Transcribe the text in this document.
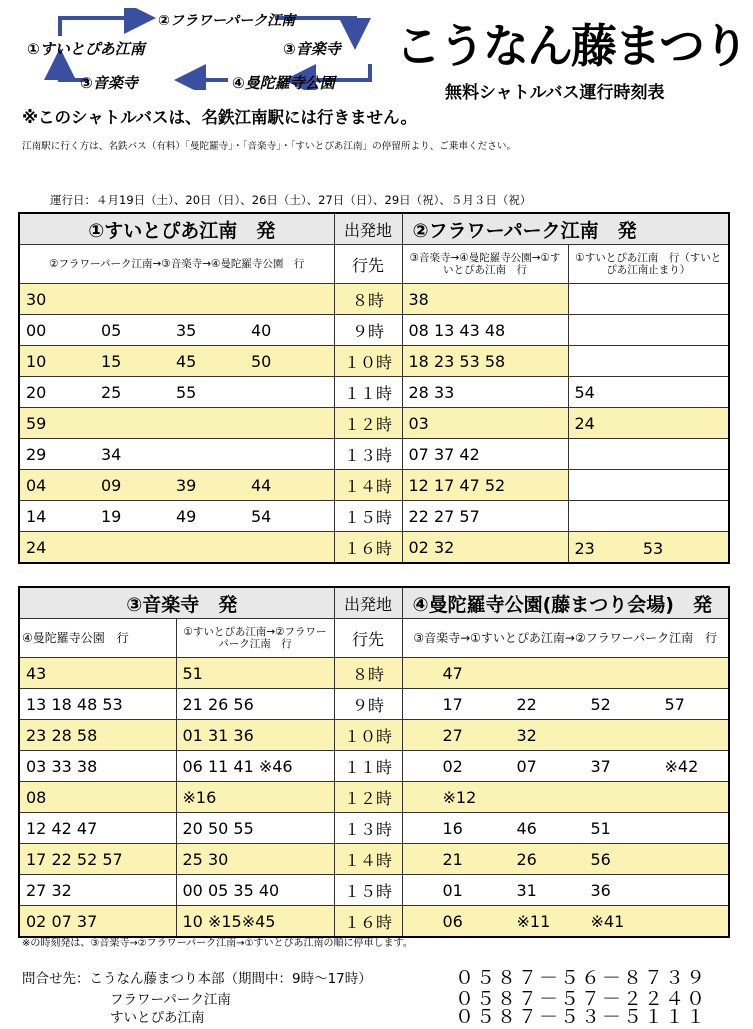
①すいとぴあ江南
②フラワーパーク江南
③音楽寺
③音楽寺	④曼陀羅寺公園
こうなん藤まつり
無料シャトルバス運行時刻表
※このシャトルバスは、名鉄江南駅には行きません。
江南駅に行く方は、名鉄バス（有料）「曼陀羅寺」・「音楽寺」・「すいとぴあ江南」の停留所より、ご乗車ください。
運行日：４月19日（土）、20日（日）、26日（土）、27日（日）、29日（祝）、５月３日（祝）
①すいとぴあ江南　発	出発地	②フラワーパーク江南　発	
②フラワーパーク江南→③音楽寺→④曼陀羅寺公園　行	行先	③音楽寺→④曼陀羅寺公園→①すいとぴあ江南　行	①すいとぴあ江南　行（すいとぴあ江南止まり）
30	８時	38	
00 05 35 40	９時	08 13 43 48	
10 15 45 50	１０時	18 23 53 58	
20 25 55	１１時	28 33	54
59	１２時	03	24
29 34	１３時	07 37 42	
04 09 39 44	１４時	12 17 47 52	
14 19 49 54	１５時	22 27 57	
24	１６時	02 32	23　　　53
③音楽寺　発		出発地	④曼陀羅寺公園(藤まつり会場)　発
④曼陀羅寺公園　行	①すいとぴあ江南→②フラワーパーク江南　行	行先	③音楽寺→①すいとぴあ江南→②フラワーパーク江南　行
43	51	８時	47
13 18 48 53	21 26 56	９時	17 22 52 57
23 28 58	01 31 36	１０時	27 32
03 33 38	06 11 41 ※46	１１時	02 07 37 ※42
08	※16	１２時	※12
12 42 47	20 50 55	１３時	16 46 51
17 22 52 57	25 30	１４時	21 26 56
27 32	00 05 35 40	１５時	01 31 36
02 07 37	10 ※15※45	１６時	06 ※11 ※41
※の時刻発は、③音楽寺→②フラワーパーク江南→①すいとぴあ江南の順に停車します。
問合せ先：こうなん藤まつり本部（期間中：9時〜17時）	０５８７－５６－８７３９
フラワーパーク江南	０５８７－５７－２２４０
すいとぴあ江南	０５８７－５３－５１１１
